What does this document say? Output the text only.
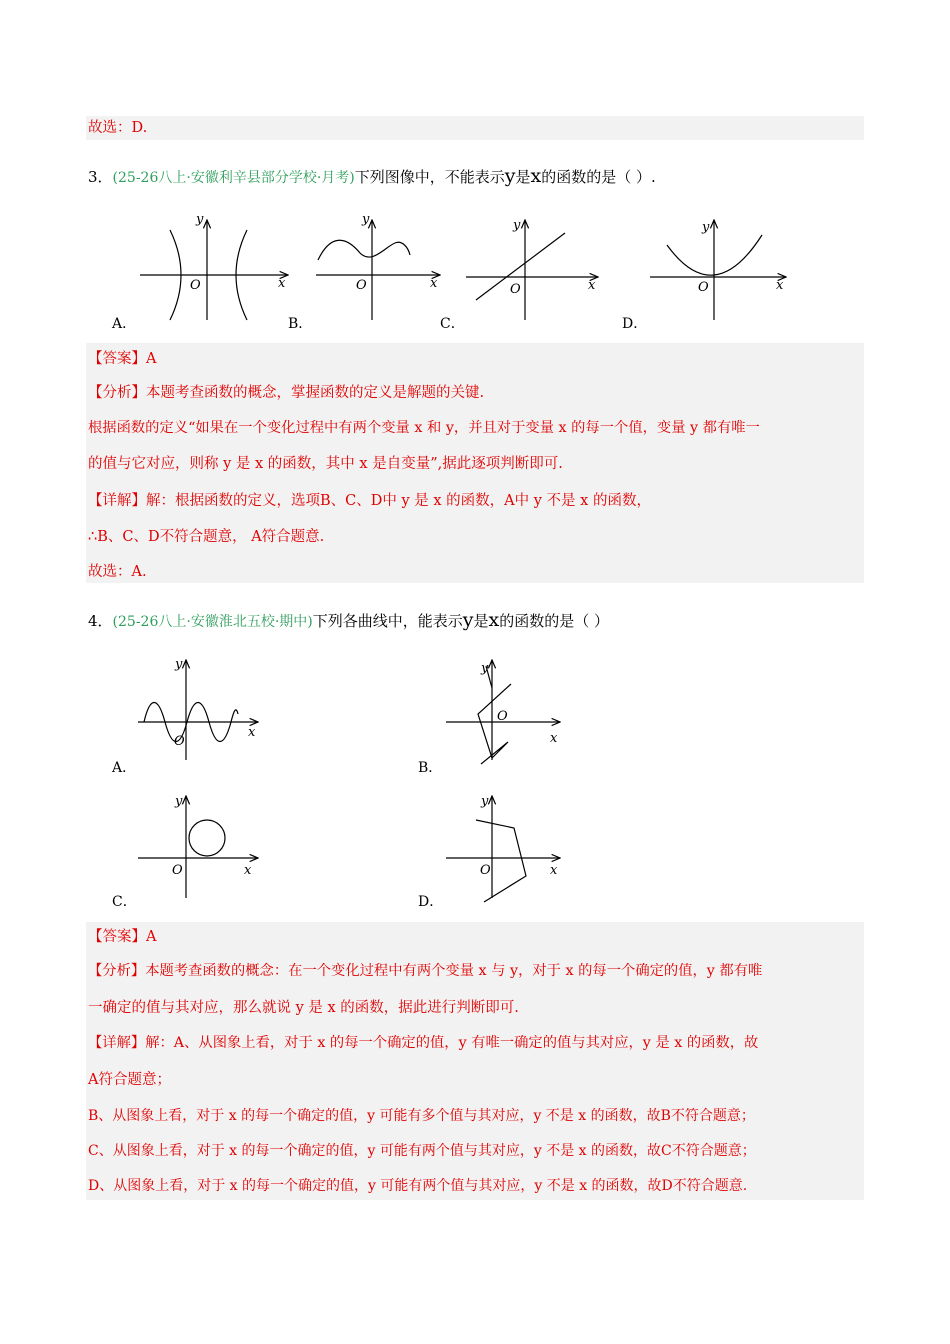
故选：D.
3．(25-26八上·安徽利辛县部分学校·月考)下列图像中，不能表示y是x的函数的是（ ）.
x
y
O	x
y
O	x
y
O	x
y
O
A．	B．	C．	D．
【答案】A
【分析】本题考查函数的概念，掌握函数的定义是解题的关键.
根据函数的定义“如果在一个变化过程中有两个变量 x 和 y，并且对于变量 x 的每一个值，变量 y 都有唯一
的值与它对应，则称 y 是 x 的函数，其中 x 是自变量”,据此逐项判断即可.
【详解】解：根据函数的定义，选项B、C、D中 y 是 x 的函数，A中 y 不是 x 的函数，
∴B、C、D不符合题意， A符合题意.
故选：A.
4．(25-26八上·安徽淮北五校·期中)下列各曲线中，能表示y是x的函数的是（ ）
x
y
O	x
y
O
x
y
O	x
y
O
A．	B．
C．	D．
【答案】A
【分析】本题考查函数的概念：在一个变化过程中有两个变量 x 与 y，对于 x 的每一个确定的值，y 都有唯
一确定的值与其对应，那么就说 y 是 x 的函数，据此进行判断即可.
【详解】解：A、从图象上看，对于 x 的每一个确定的值，y 有唯一确定的值与其对应，y 是 x 的函数，故
A符合题意；
B、从图象上看，对于 x 的每一个确定的值，y 可能有多个值与其对应，y 不是 x 的函数，故B不符合题意；
C、从图象上看，对于 x 的每一个确定的值，y 可能有两个值与其对应，y 不是 x 的函数，故C不符合题意；
D、从图象上看，对于 x 的每一个确定的值，y 可能有两个值与其对应，y 不是 x 的函数，故D不符合题意.
